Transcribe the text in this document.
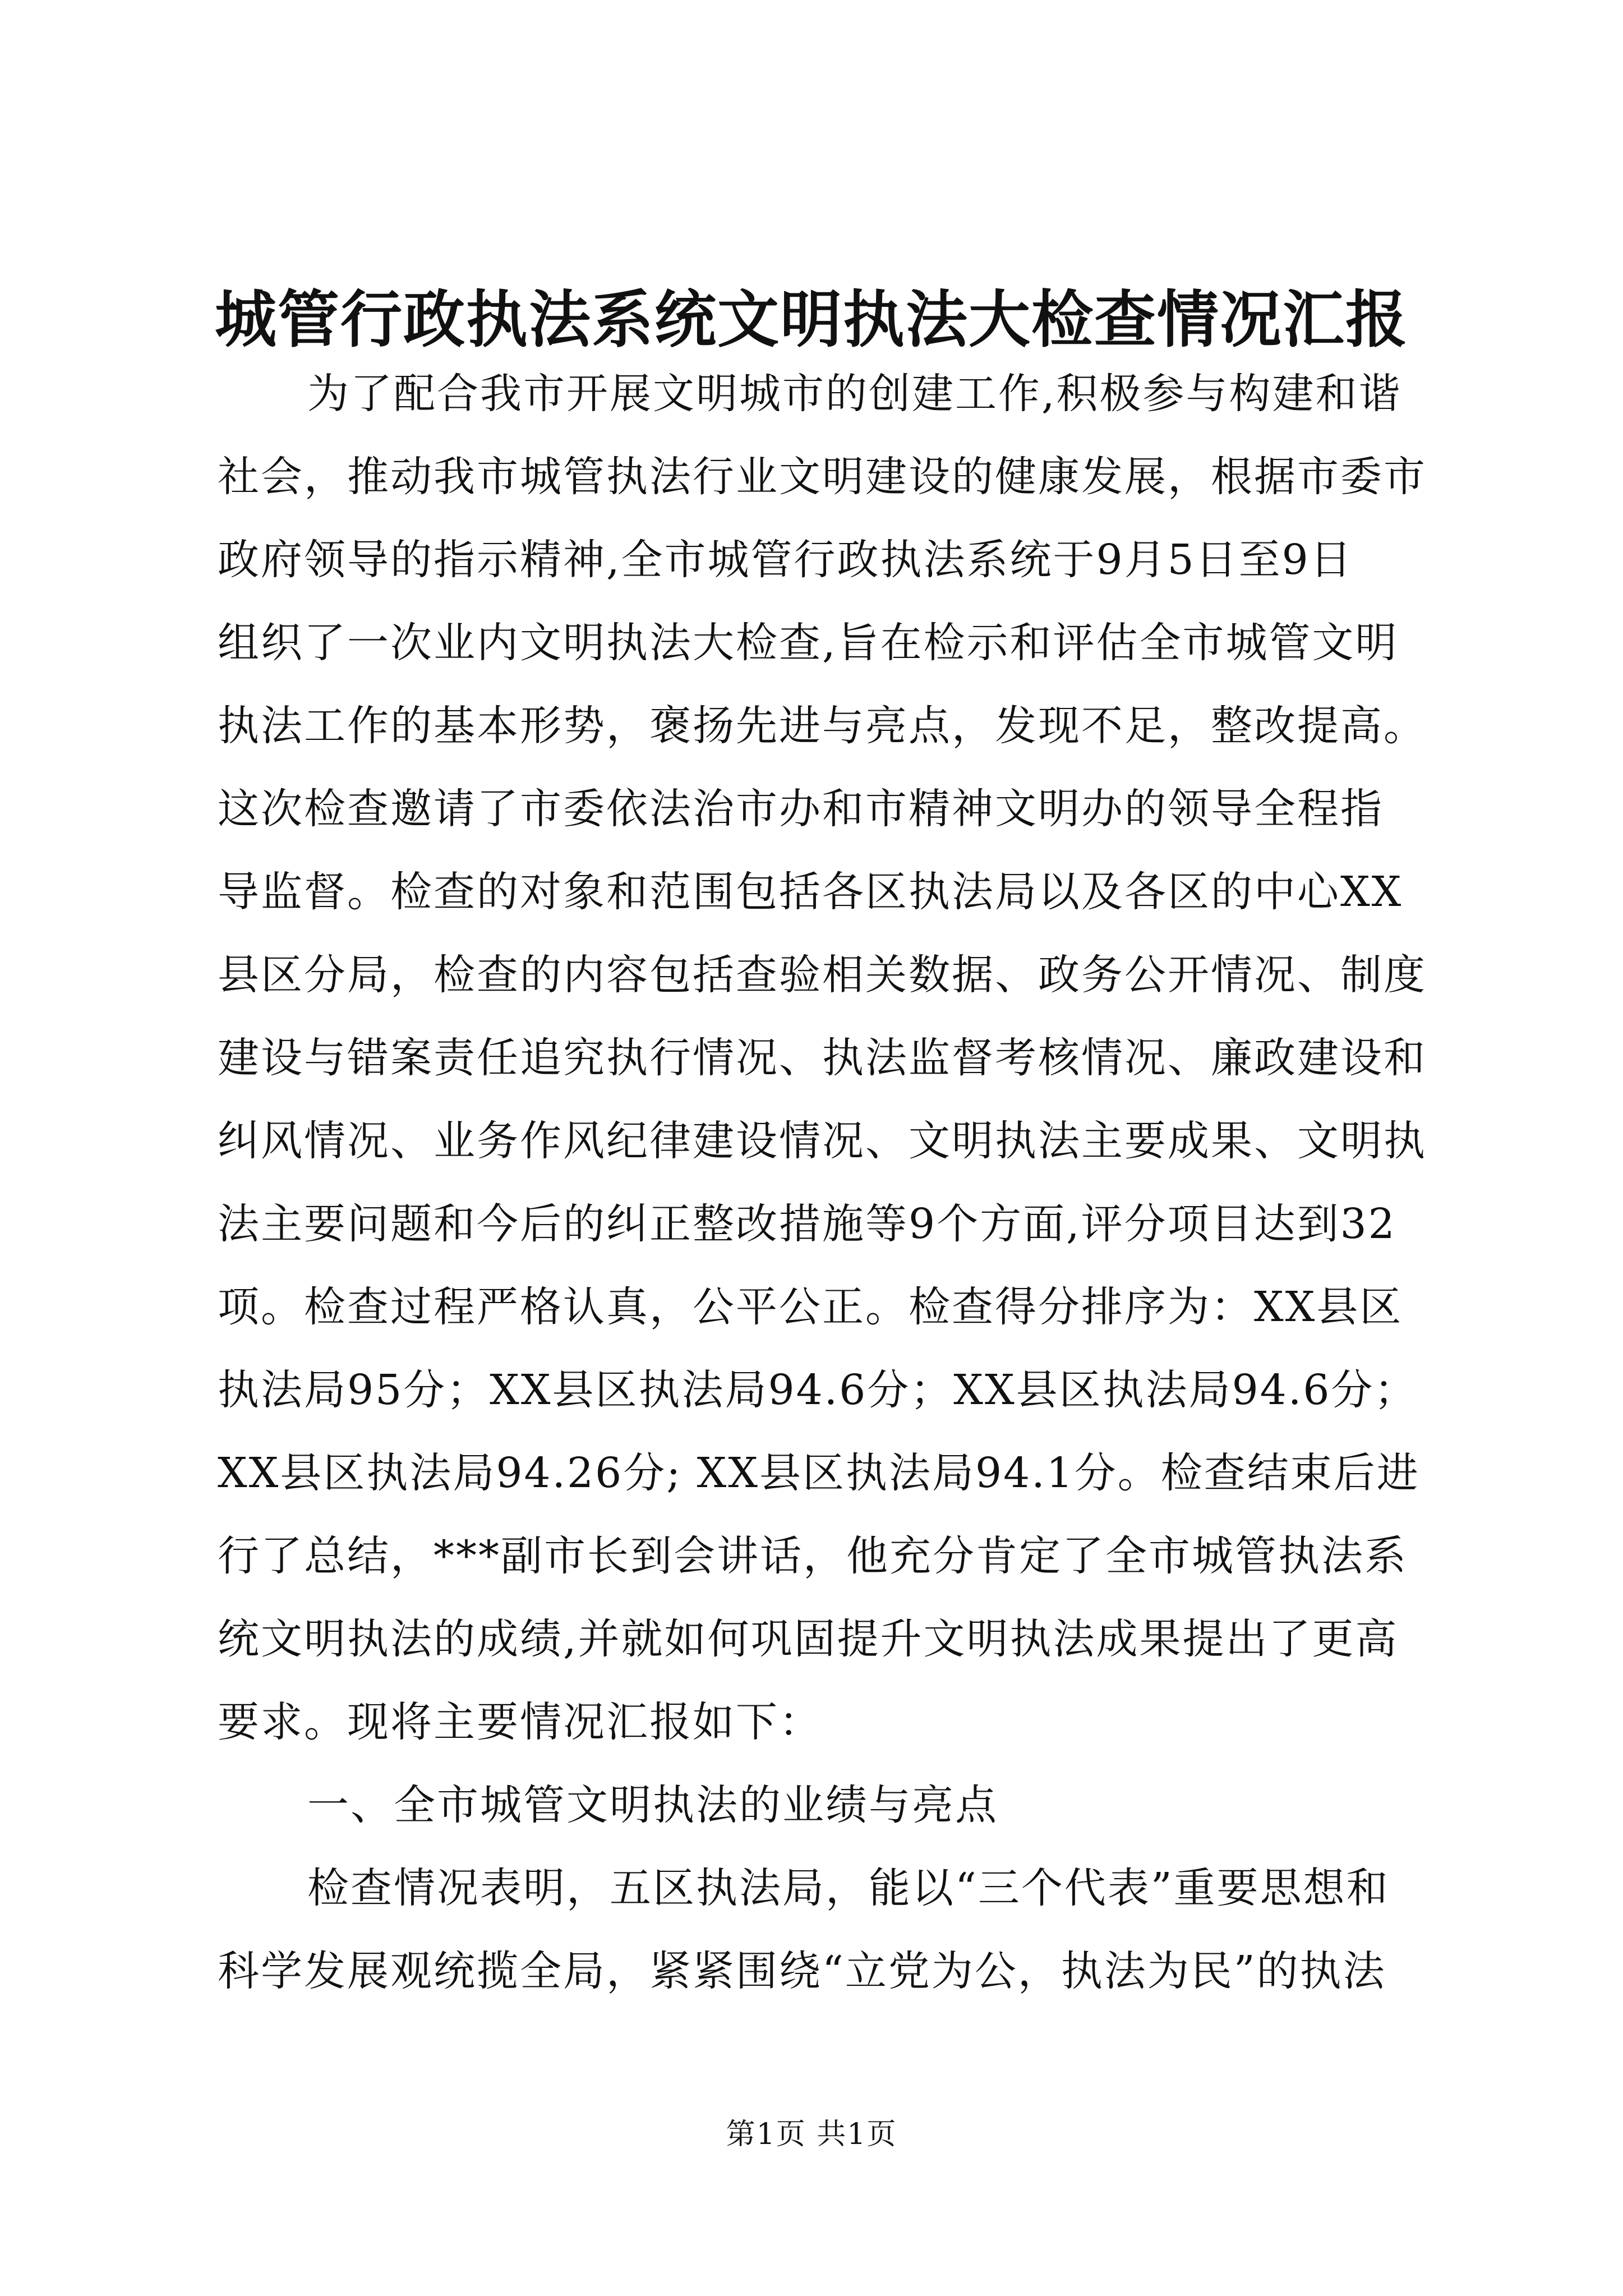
城管行政执法系统文明执法大检查情况汇报
为了配合我市开展文明城市的创建工作,积极参与构建和谐
社会，推动我市城管执法行业文明建设的健康发展，根据市委市
政府领导的指示精神,全市城管行政执法系统于9月5日至9日
组织了一次业内文明执法大检查,旨在检示和评估全市城管文明
执法工作的基本形势，褒扬先进与亮点，发现不足，整改提高。
这次检查邀请了市委依法治市办和市精神文明办的领导全程指
导监督。检查的对象和范围包括各区执法局以及各区的中心XX
县区分局，检查的内容包括查验相关数据、政务公开情况、制度
建设与错案责任追究执行情况、执法监督考核情况、廉政建设和
纠风情况、业务作风纪律建设情况、文明执法主要成果、文明执
法主要问题和今后的纠正整改措施等9个方面,评分项目达到32
项。检查过程严格认真，公平公正。检查得分排序为：XX县区
执法局95分；XX县区执法局94.6分；XX县区执法局94.6分；
XX县区执法局94.26分; XX县区执法局94.1分。检查结束后进
行了总结，***副市长到会讲话，他充分肯定了全市城管执法系
统文明执法的成绩,并就如何巩固提升文明执法成果提出了更高
要求。现将主要情况汇报如下：
一、全市城管文明执法的业绩与亮点
检查情况表明，五区执法局，能以“三个代表”重要思想和
科学发展观统揽全局，紧紧围绕“立党为公，执法为民”的执法
第1页 共1页
